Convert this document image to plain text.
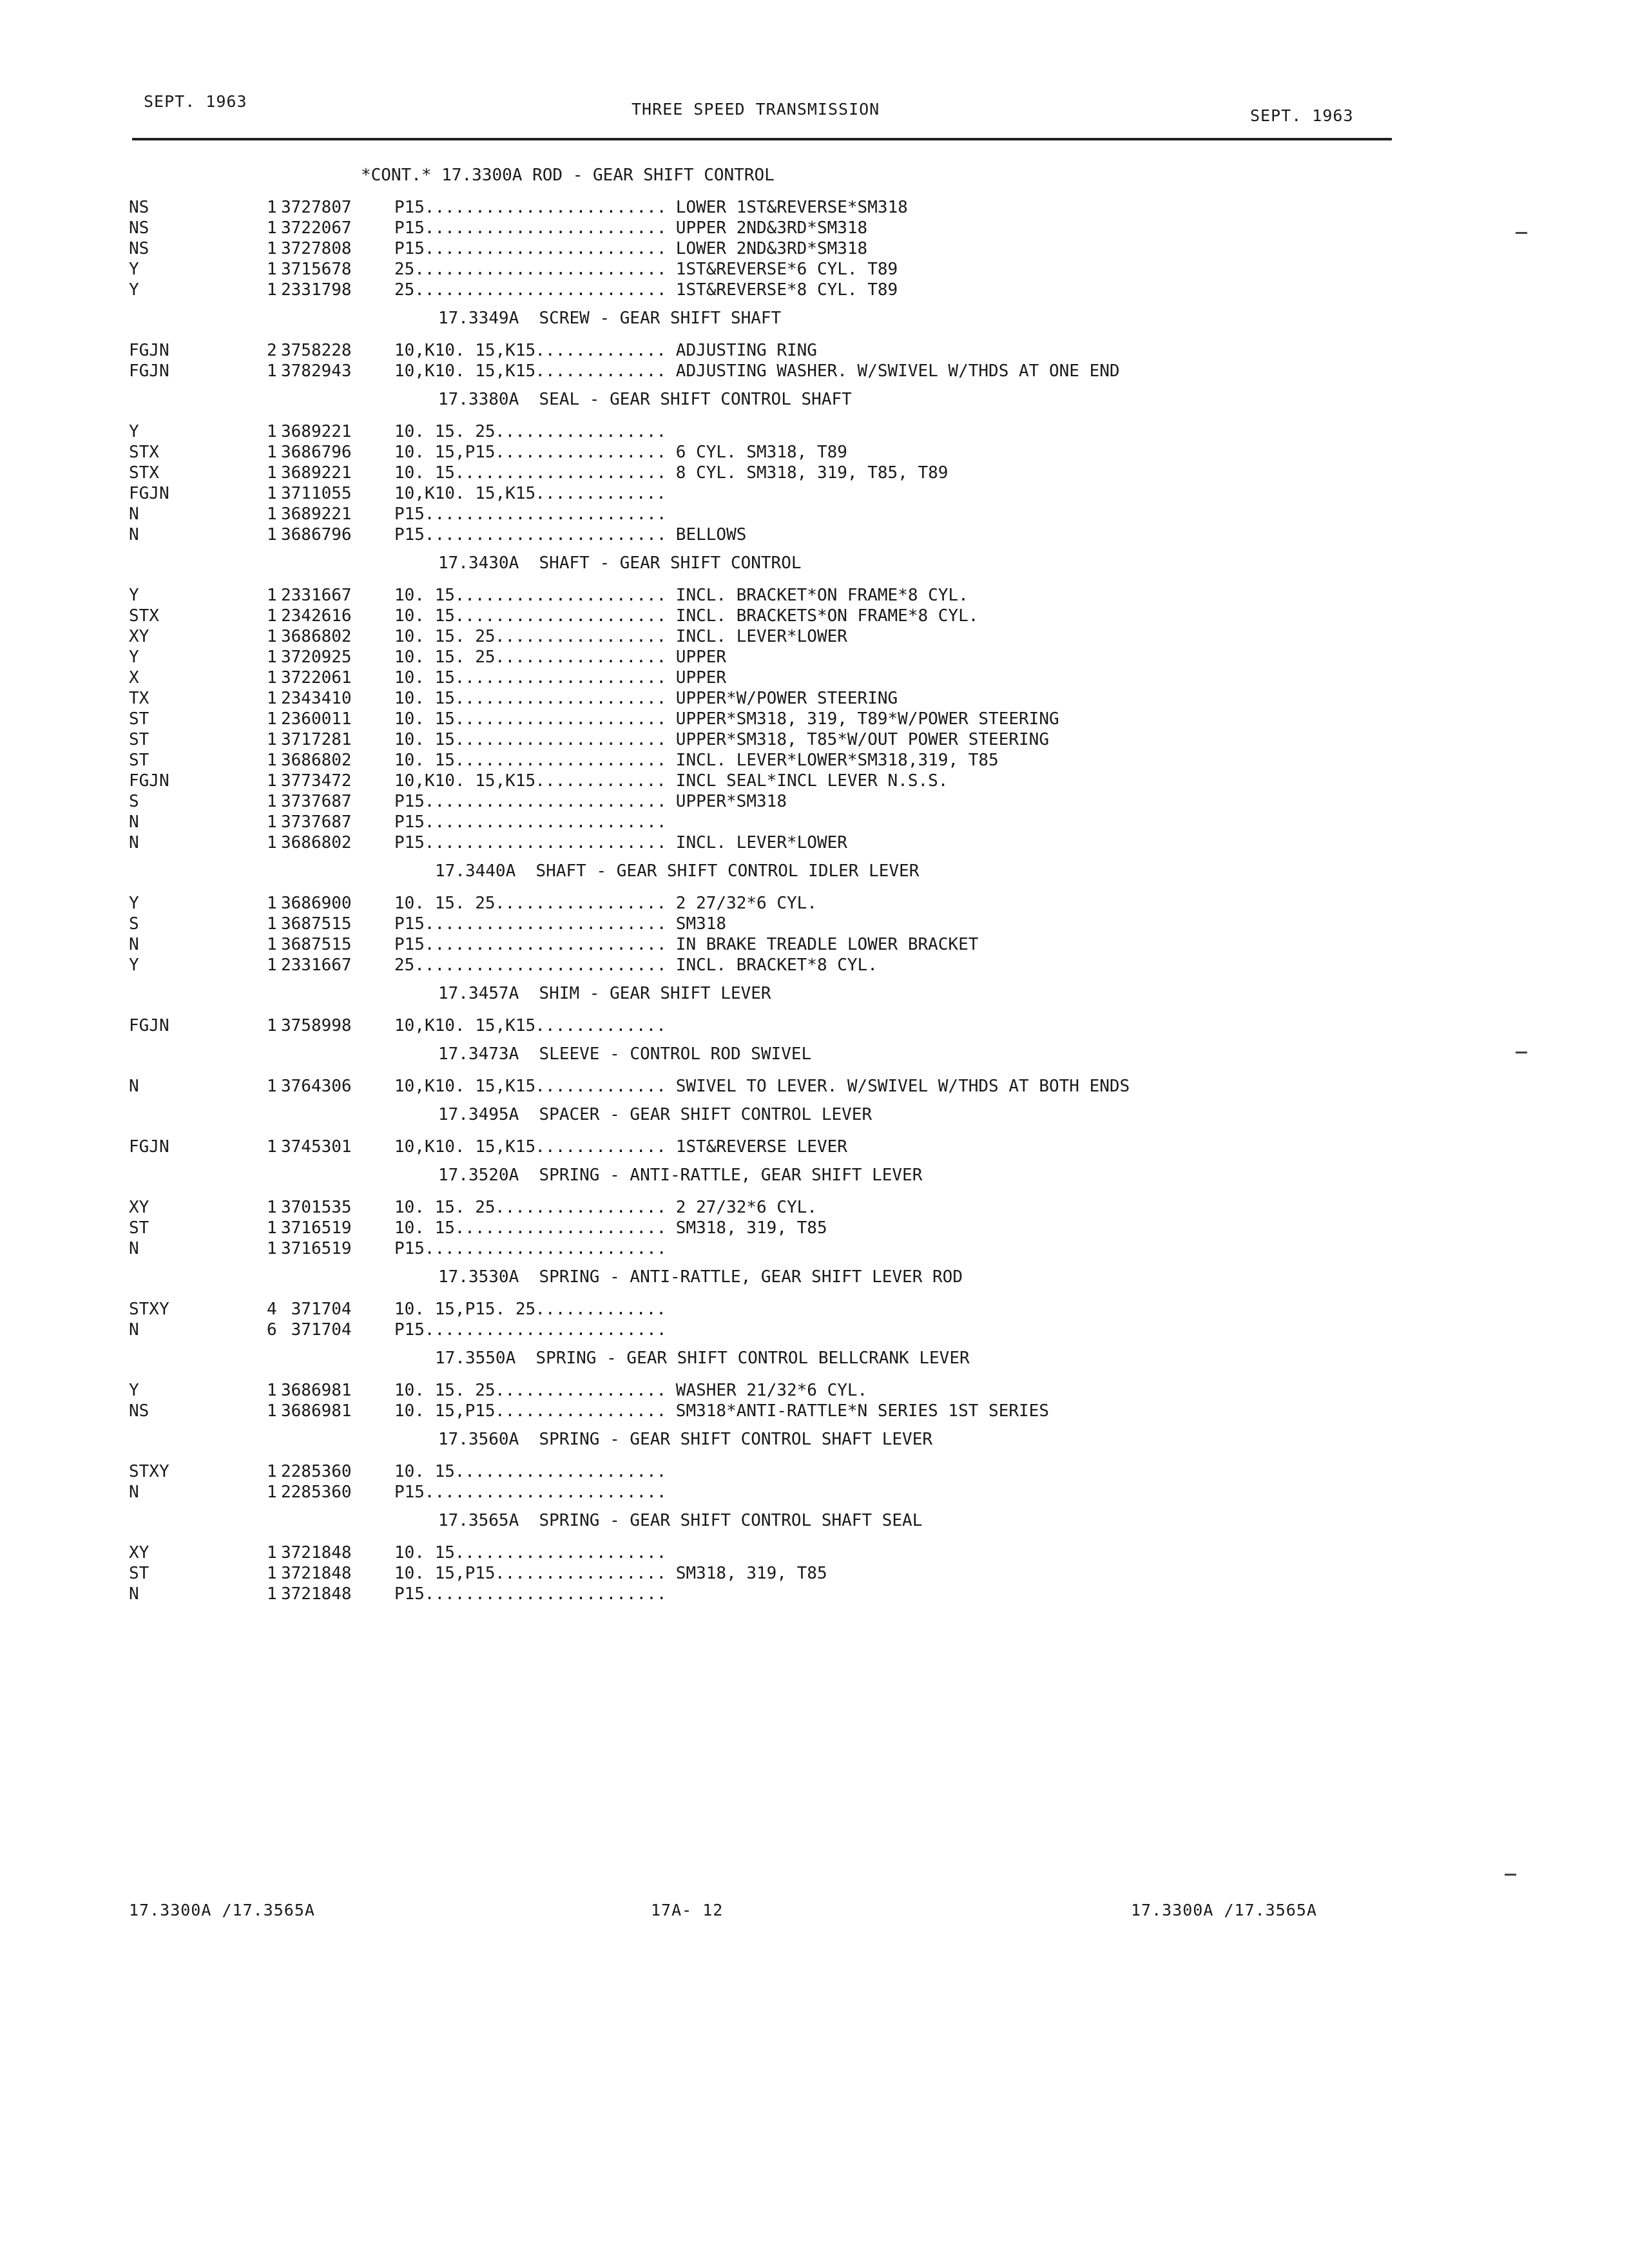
SEPT. 1963	THREE SPEED TRANSMISSION	SEPT. 1963
*CONT.* 17.3300A ROD - GEAR SHIFT CONTROL
NS	1 3727807	P15 ........................ LOWER 1ST&REVERSE*SM318
NS	1 3722067	P15 ........................ UPPER 2ND&3RD*SM318
NS	1 3727808	P15 ........................ LOWER 2ND&3RD*SM318
Y	1 3715678	25 ......................... 1ST&REVERSE*6 CYL. T89
Y	1 2331798	25 ......................... 1ST&REVERSE*8 CYL. T89
17.3349A  SCREW - GEAR SHIFT SHAFT
FGJN	2 3758228	10,K10. 15,K15 ............. ADJUSTING RING
FGJN	1 3782943	10,K10. 15,K15 ............. ADJUSTING WASHER. W/SWIVEL W/THDS AT ONE END
17.3380A  SEAL - GEAR SHIFT CONTROL SHAFT
Y	1 3689221	10. 15. 25 .................
STX	1 3686796	10. 15,P15 ................. 6 CYL. SM318, T89
STX	1 3689221	10. 15 ..................... 8 CYL. SM318, 319, T85, T89
FGJN	1 3711055	10,K10. 15,K15 .............
N	1 3689221	P15 ........................
N	1 3686796	P15 ........................ BELLOWS
17.3430A  SHAFT - GEAR SHIFT CONTROL
Y	1 2331667	10. 15 ..................... INCL. BRACKET*ON FRAME*8 CYL.
STX	1 2342616	10. 15 ..................... INCL. BRACKETS*ON FRAME*8 CYL.
XY	1 3686802	10. 15. 25 ................. INCL. LEVER*LOWER
Y	1 3720925	10. 15. 25 ................. UPPER
X	1 3722061	10. 15 ..................... UPPER
TX	1 2343410	10. 15 ..................... UPPER*W/POWER STEERING
ST	1 2360011	10. 15 ..................... UPPER*SM318, 319, T89*W/POWER STEERING
ST	1 3717281	10. 15 ..................... UPPER*SM318, T85*W/OUT POWER STEERING
ST	1 3686802	10. 15 ..................... INCL. LEVER*LOWER*SM318,319, T85
FGJN	1 3773472	10,K10. 15,K15 ............. INCL SEAL*INCL LEVER N.S.S.
S	1 3737687	P15 ........................ UPPER*SM318
N	1 3737687	P15 ........................
N	1 3686802	P15 ........................ INCL. LEVER*LOWER
17.3440A  SHAFT - GEAR SHIFT CONTROL IDLER LEVER
Y	1 3686900	10. 15. 25 ................. 2 27/32*6 CYL.
S	1 3687515	P15 ........................ SM318
N	1 3687515	P15 ........................ IN BRAKE TREADLE LOWER BRACKET
Y	1 2331667	25 ......................... INCL. BRACKET*8 CYL.
17.3457A  SHIM - GEAR SHIFT LEVER
FGJN	1 3758998	10,K10. 15,K15 .............
17.3473A  SLEEVE - CONTROL ROD SWIVEL
N	1 3764306	10,K10. 15,K15 ............. SWIVEL TO LEVER. W/SWIVEL W/THDS AT BOTH ENDS
17.3495A  SPACER - GEAR SHIFT CONTROL LEVER
FGJN	1 3745301	10,K10. 15,K15 ............. 1ST&REVERSE LEVER
17.3520A  SPRING - ANTI-RATTLE, GEAR SHIFT LEVER
XY	1 3701535	10. 15. 25 ................. 2 27/32*6 CYL.
ST	1 3716519	10. 15 ..................... SM318, 319, T85
N	1 3716519	P15 ........................
17.3530A  SPRING - ANTI-RATTLE, GEAR SHIFT LEVER ROD
STXY	4 371704	10. 15,P15. 25 .............
N	6 371704	P15 ........................
17.3550A  SPRING - GEAR SHIFT CONTROL BELLCRANK LEVER
Y	1 3686981	10. 15. 25 ................. WASHER 21/32*6 CYL.
NS	1 3686981	10. 15,P15 ................. SM318*ANTI-RATTLE*N SERIES 1ST SERIES
17.3560A  SPRING - GEAR SHIFT CONTROL SHAFT LEVER
STXY	1 2285360	10. 15 .....................
N	1 2285360	P15 ........................
17.3565A  SPRING - GEAR SHIFT CONTROL SHAFT SEAL
XY	1 3721848	10. 15 .....................
ST	1 3721848	10. 15,P15 ................. SM318, 319, T85
N	1 3721848	P15 ........................
17.3300A /17.3565A	17A- 12	17.3300A /17.3565A
